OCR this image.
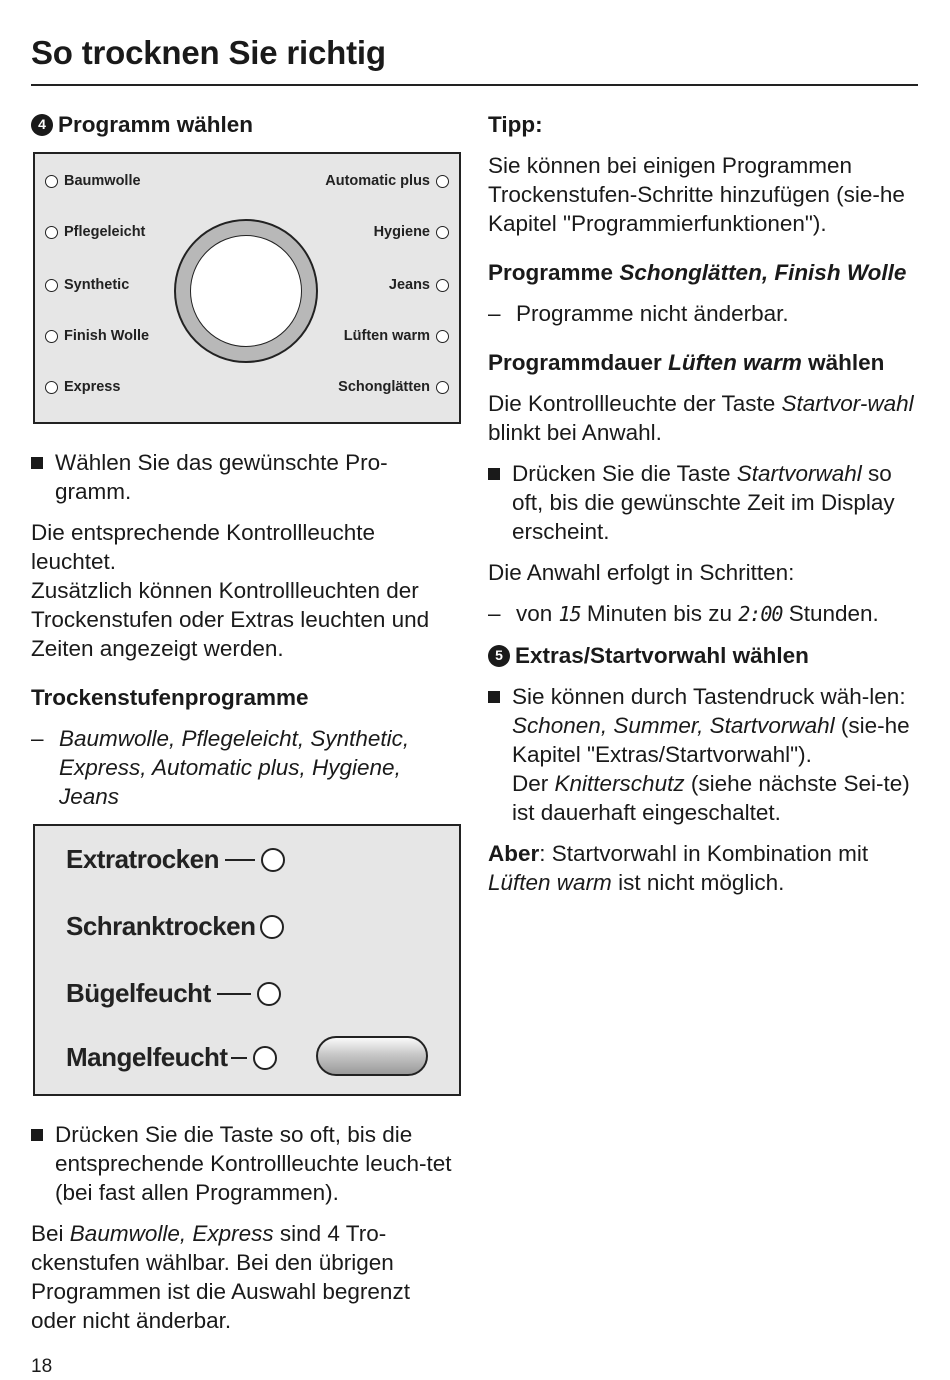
So trocknen Sie richtig
4 Programm wählen
Baumwolle
Pflegeleicht
Synthetic
Finish Wolle
Express
Automatic plus
Hygiene
Jeans
Lüften warm
Schonglätten
Wählen Sie das gewünschte Pro-gramm.
Die entsprechende Kontrollleuchte leuchtet.
Zusätzlich können Kontrollleuchten der Trockenstufen oder Extras leuchten und Zeiten angezeigt werden.
Trockenstufenprogramme
– Baumwolle, Pflegeleicht, Synthetic, Express, Automatic plus, Hygiene, Jeans
Extratrocken
Schranktrocken
Bügelfeucht
Mangelfeucht
Drücken Sie die Taste so oft, bis die entsprechende Kontrollleuchte leuch-tet (bei fast allen Programmen).
Bei Baumwolle, Express sind 4 Tro-ckenstufen wählbar. Bei den übrigen Programmen ist die Auswahl begrenzt oder nicht änderbar.
Tipp:
Sie können bei einigen Programmen Trockenstufen-Schritte hinzufügen (sie-he Kapitel "Programmierfunktionen").
Programme Schonglätten, Finish Wolle
– Programme nicht änderbar.
Programmdauer Lüften warm wählen
Die Kontrollleuchte der Taste Startvor-wahl blinkt bei Anwahl.
Drücken Sie die Taste Startvorwahl so oft, bis die gewünschte Zeit im Display erscheint.
Die Anwahl erfolgt in Schritten:
– von 15 Minuten bis zu 2:00 Stunden.
5 Extras/Startvorwahl wählen
Sie können durch Tastendruck wäh-len:
Schonen, Summer, Startvorwahl (sie-he Kapitel "Extras/Startvorwahl").
Der Knitterschutz (siehe nächste Sei-te) ist dauerhaft eingeschaltet.
Aber: Startvorwahl in Kombination mit Lüften warm ist nicht möglich.
18
